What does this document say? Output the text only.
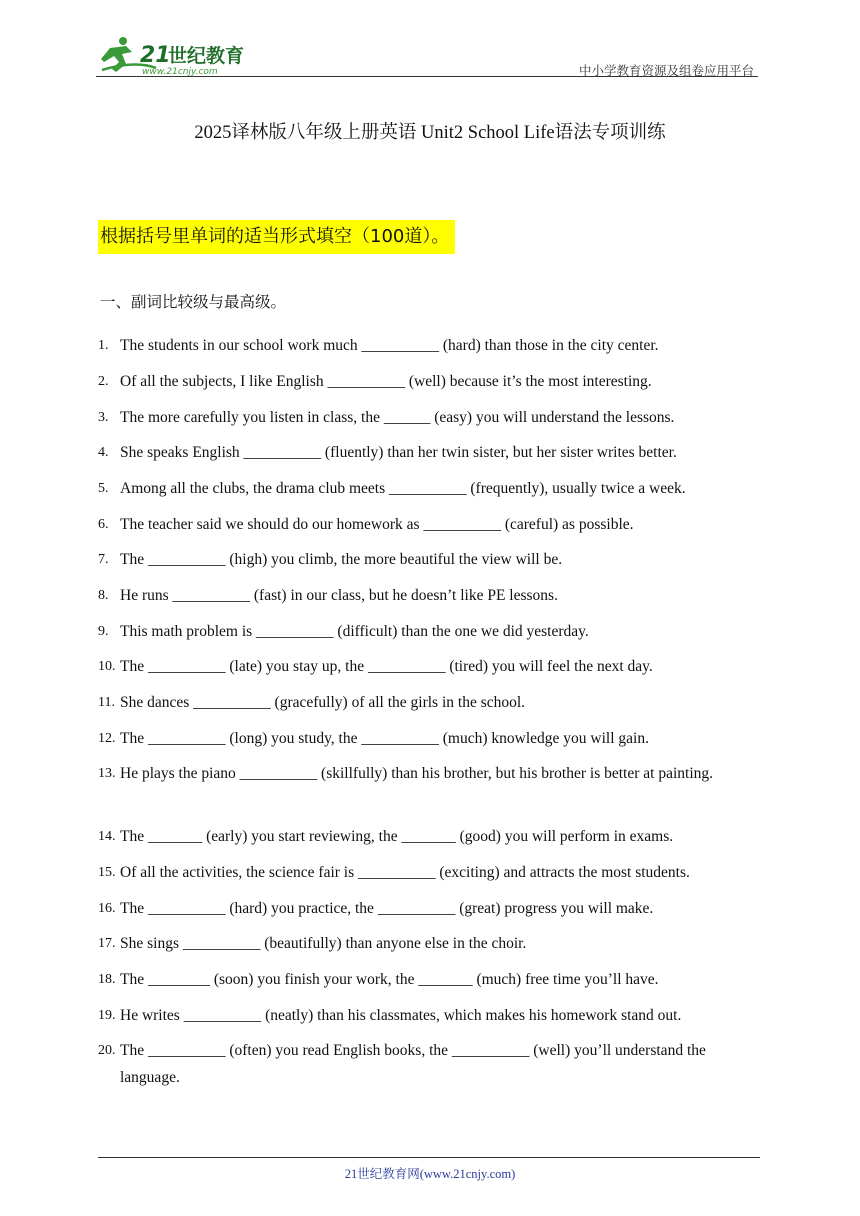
21
世纪教育
www.21cnjy.com	中小学教育资源及组卷应用平台
2025译林版八年级上册英语 Unit2 School Life语法专项训练
根据括号里单词的适当形式填空（100道）。
一、副词比较级与最高级。
1. The students in our school work much __________ (hard) than those in the city center.
2. Of all the subjects, I like English __________ (well) because it’s the most interesting.
3. The more carefully you listen in class, the ______ (easy) you will understand the lessons.
4. She speaks English __________ (fluently) than her twin sister, but her sister writes better.
5. Among all the clubs, the drama club meets __________ (frequently), usually twice a week.
6. The teacher said we should do our homework as __________ (careful) as possible.
7. The __________ (high) you climb, the more beautiful the view will be.
8. He runs __________ (fast) in our class, but he doesn’t like PE lessons.
9. This math problem is __________ (difficult) than the one we did yesterday.
10. The __________ (late) you stay up, the __________ (tired) you will feel the next day.
11. She dances __________ (gracefully) of all the girls in the school.
12. The __________ (long) you study, the __________ (much) knowledge you will gain.
13. He plays the piano __________ (skillfully) than his brother, but his brother is better at painting.
14. The _______ (early) you start reviewing, the _______ (good) you will perform in exams.
15. Of all the activities, the science fair is __________ (exciting) and attracts the most students.
16. The __________ (hard) you practice, the __________ (great) progress you will make.
17. She sings __________ (beautifully) than anyone else in the choir.
18. The ________ (soon) you finish your work, the _______ (much) free time you’ll have.
19. He writes __________ (neatly) than his classmates, which makes his homework stand out.
20. The __________ (often) you read English books, the __________ (well) you’ll understand the language.
21世纪教育网(www.21cnjy.com)
